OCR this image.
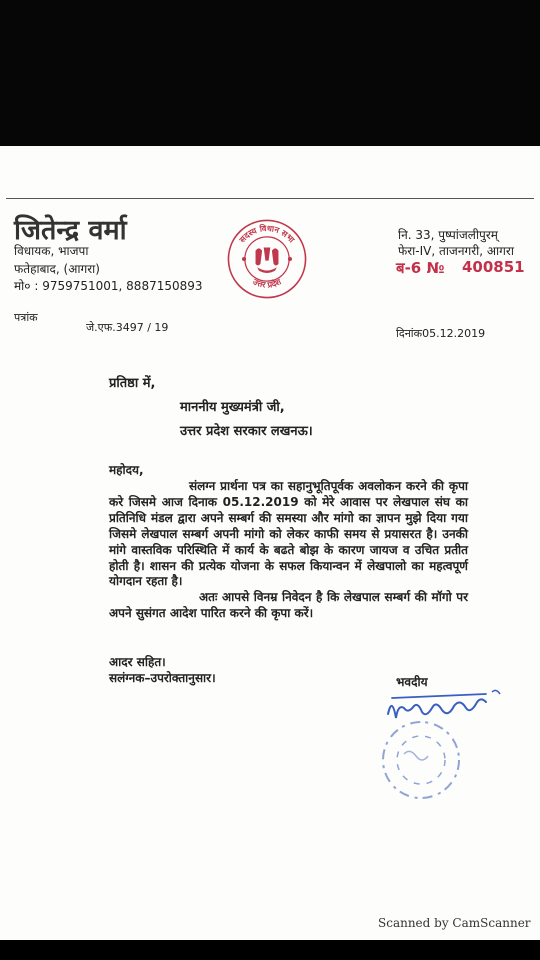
जितेन्द्र वर्मा
विधायक, भाजपा
फतेहाबाद, (आगरा)
मो० : 9759751001, 8887150893
सदस्य विधान सभा
उत्तर प्रदेश
नि. 33, पुष्पांजलीपुरम्
फेरा-IV, ताजनगरी, आगरा
ब-6 № 400851
पत्रांक
जे.एफ.3497 / 19	दिनांक05.12.2019
प्रतिष्ठा में,
माननीय मुख्यमंत्री जी,
उत्तर प्रदेश सरकार लखनऊ।
महोदय,

संलग्न प्रार्थना पत्र का सहानुभूतिपूर्वक अवलोकन करने की कृपा करे जिसमे आज दिनाक 05.12.2019 को मेरे आवास पर लेखपाल संघ का प्रतिनिधि मंडल द्वारा अपने सम्बर्ग की समस्या और मांगो का ज्ञापन मुझे दिया गया जिसमे लेखपाल सम्बर्ग अपनी मांगो को लेकर काफी समय से प्रयासरत है। उनकी मांगे वास्तविक परिस्थिति में कार्य के बढते बोझ के कारण जायज व उचित प्रतीत होती है। शासन की प्रत्येक योजना के सफल कियान्वन में लेखपालो का महत्वपूर्ण योगदान रहता है।

अतः आपसे विनम्र निवेदन है कि लेखपाल सम्बर्ग की मॉगो पर अपने सुसंगत आदेश पारित करने की कृपा करें।

आदर सहित।
सलंग्नक–उपरोक्तानुसार।	भवदीय
Scanned by CamScanner
